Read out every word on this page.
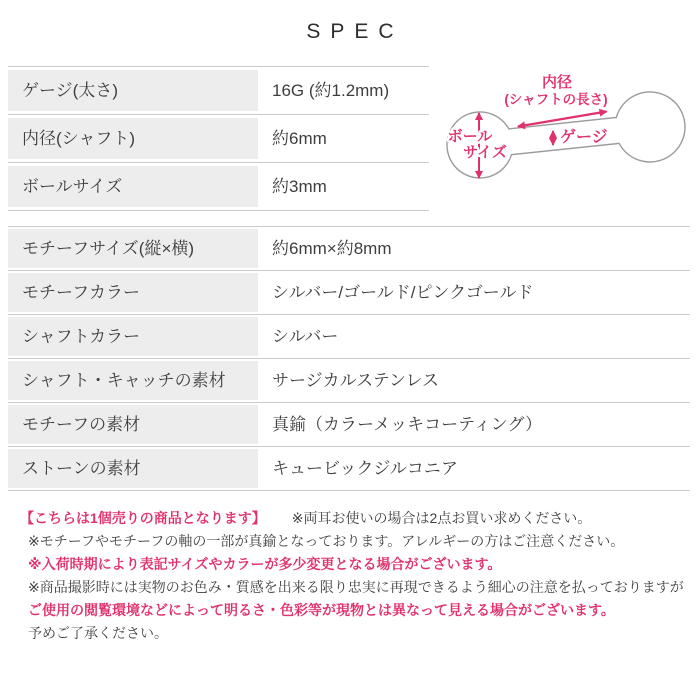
SPEC
ゲージ(太さ)	16G (約1.2mm)
内径(シャフト)	約6mm
ボールサイズ	約3mm
内径
(シャフトの長さ)
ゲージ
ボール
サイズ
モチーフサイズ(縦×横)	約6mm×約8mm
モチーフカラー	シルバー/ゴールド/ピンクゴールド
シャフトカラー	シルバー
シャフト・キャッチの素材	サージカルステンレス
モチーフの素材	真鍮（カラーメッキコーティング）
ストーンの素材	キュービックジルコニア
【こちらは1個売りの商品となります】 ※両耳お使いの場合は2点お買い求めください。
※モチーフやモチーフの軸の一部が真鍮となっております。アレルギーの方はご注意ください。
※入荷時期により表記サイズやカラーが多少変更となる場合がございます。
※商品撮影時には実物のお色み・質感を出来る限り忠実に再現できるよう細心の注意を払っておりますが
ご使用の閲覧環境などによって明るさ・色彩等が現物とは異なって見える場合がございます。
予めご了承ください。
